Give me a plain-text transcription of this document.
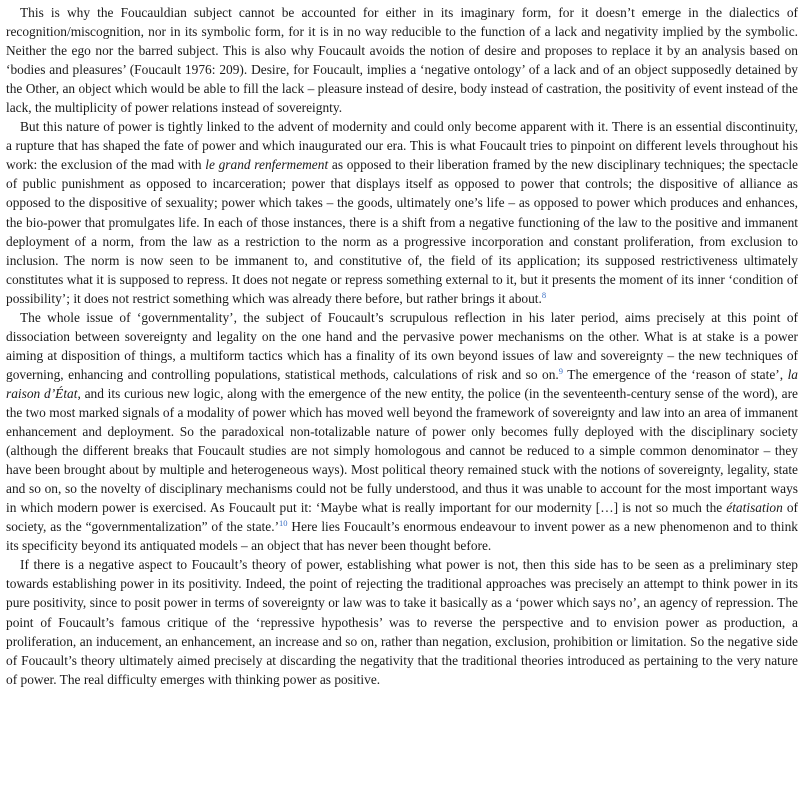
This is why the Foucauldian subject cannot be accounted for either in its imaginary form, for it doesn’t emerge in the dialectics of recognition/miscognition, nor in its symbolic form, for it is in no way reducible to the function of a lack and negativity implied by the symbolic. Neither the ego nor the barred subject. This is also why Foucault avoids the notion of desire and proposes to replace it by an analysis based on ‘bodies and pleasures’ (Foucault 1976: 209). Desire, for Foucault, implies a ‘negative ontology’ of a lack and of an object supposedly detained by the Other, an object which would be able to fill the lack – pleasure instead of desire, body instead of castration, the positivity of event instead of the lack, the multiplicity of power relations instead of sovereignty.

But this nature of power is tightly linked to the advent of modernity and could only become apparent with it. There is an essential discontinuity, a rupture that has shaped the fate of power and which inaugurated our era. This is what Foucault tries to pinpoint on different levels throughout his work: the exclusion of the mad with le grand renfermement as opposed to their liberation framed by the new disciplinary techniques; the spectacle of public punishment as opposed to incarceration; power that displays itself as opposed to power that controls; the dispositive of alliance as opposed to the dispositive of sexuality; power which takes – the goods, ultimately one’s life – as opposed to power which produces and enhances, the bio-power that promulgates life. In each of those instances, there is a shift from a negative functioning of the law to the positive and immanent deployment of a norm, from the law as a restriction to the norm as a progressive incorporation and constant proliferation, from exclusion to inclusion. The norm is now seen to be immanent to, and constitutive of, the field of its application; its supposed restrictiveness ultimately constitutes what it is supposed to repress. It does not negate or repress something external to it, but it presents the moment of its inner ‘condition of possibility’; it does not restrict something which was already there before, but rather brings it about.$^8$

The whole issue of ‘governmentality’, the subject of Foucault’s scrupulous reflection in his later period, aims precisely at this point of dissociation between sovereignty and legality on the one hand and the pervasive power mechanisms on the other. What is at stake is a power aiming at disposition of things, a multiform tactics which has a finality of its own beyond issues of law and sovereignty – the new techniques of governing, enhancing and controlling populations, statistical methods, calculations of risk and so on.$^9$ The emergence of the ‘reason of state’, la raison d’État, and its curious new logic, along with the emergence of the new entity, the police (in the seventeenth-century sense of the word), are the two most marked signals of a modality of power which has moved well beyond the framework of sovereignty and law into an area of immanent enhancement and deployment. So the paradoxical non-totalizable nature of power only becomes fully deployed with the disciplinary society (although the different breaks that Foucault studies are not simply homologous and cannot be reduced to a simple common denominator – they have been brought about by multiple and heterogeneous ways). Most political theory remained stuck with the notions of sovereignty, legality, state and so on, so the novelty of disciplinary mechanisms could not be fully understood, and thus it was unable to account for the most important ways in which modern power is exercised. As Foucault put it: ‘Maybe what is really important for our modernity […] is not so much the étatisation of society, as the “governmentalization” of the state.’$^{10}$ Here lies Foucault’s enormous endeavour to invent power as a new phenomenon and to think its specificity beyond its antiquated models – an object that has never been thought before.

If there is a negative aspect to Foucault’s theory of power, establishing what power is not, then this side has to be seen as a preliminary step towards establishing power in its positivity. Indeed, the point of rejecting the traditional approaches was precisely an attempt to think power in its pure positivity, since to posit power in terms of sovereignty or law was to take it basically as a ‘power which says no’, an agency of repression. The point of Foucault’s famous critique of the ‘repressive hypothesis’ was to reverse the perspective and to envision power as production, a proliferation, an inducement, an enhancement, an increase and so on, rather than negation, exclusion, prohibition or limitation. So the negative side of Foucault’s theory ultimately aimed precisely at discarding the negativity that the traditional theories introduced as pertaining to the very nature of power. The real difficulty emerges with thinking power as positive.
